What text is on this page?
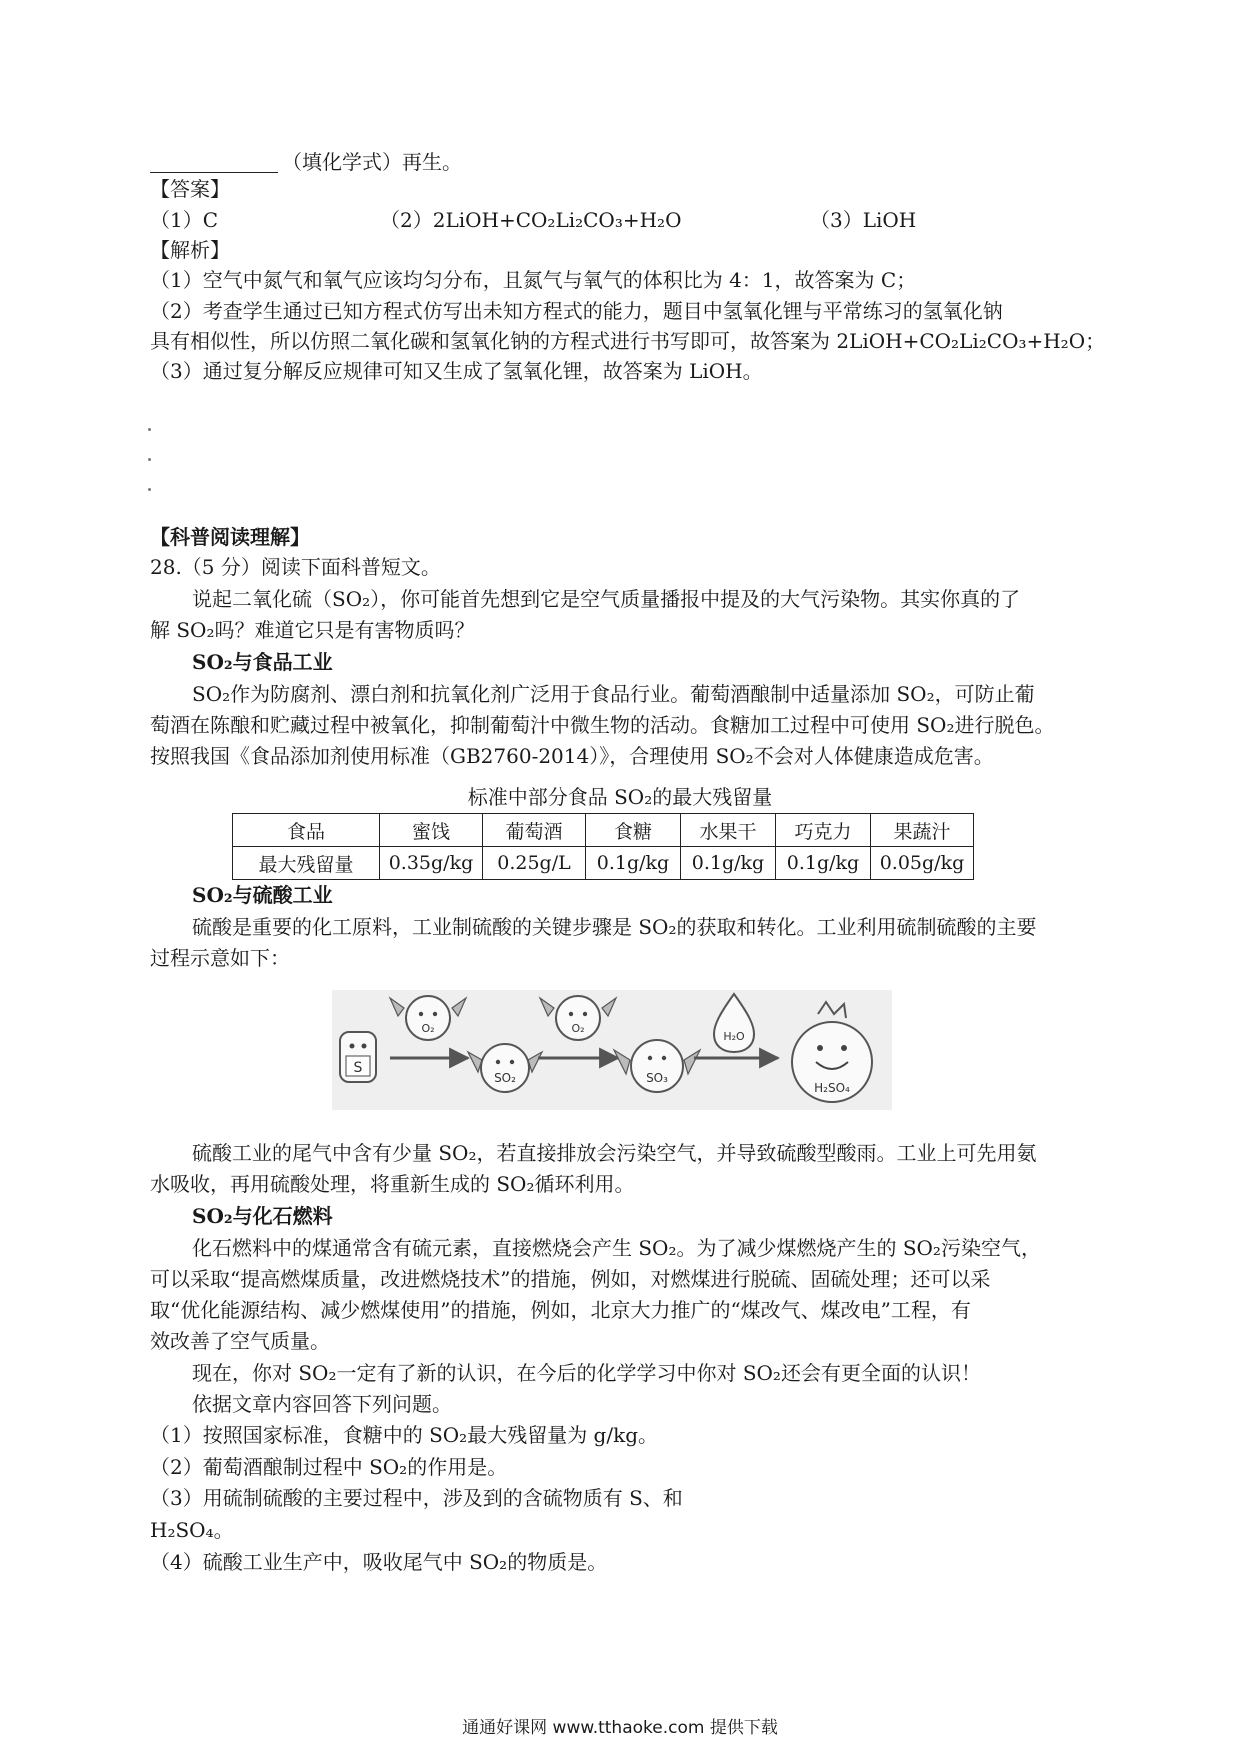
（填化学式）再生。
【答案】
（1）C	（2）2LiOH+CO₂Li₂CO₃+H₂O	（3）LiOH
【解析】
（1）空气中氮气和氧气应该均匀分布，且氮气与氧气的体积比为 4：1，故答案为 C；
（2）考查学生通过已知方程式仿写出未知方程式的能力，题目中氢氧化锂与平常练习的氢氧化钠
具有相似性，所以仿照二氧化碳和氢氧化钠的方程式进行书写即可，故答案为 2LiOH+CO₂Li₂CO₃+H₂O；
（3）通过复分解反应规律可知又生成了氢氧化锂，故答案为 LiOH。
【科普阅读理解】
28.（5 分）阅读下面科普短文。
说起二氧化硫（SO₂），你可能首先想到它是空气质量播报中提及的大气污染物。其实你真的了
解 SO₂吗？难道它只是有害物质吗？
SO₂与食品工业
SO₂作为防腐剂、漂白剂和抗氧化剂广泛用于食品行业。葡萄酒酿制中适量添加 SO₂，可防止葡
萄酒在陈酿和贮藏过程中被氧化，抑制葡萄汁中微生物的活动。食糖加工过程中可使用 SO₂进行脱色。
按照我国《食品添加剂使用标准（GB2760-2014）》，合理使用 SO₂不会对人体健康造成危害。
标准中部分食品 SO₂的最大残留量
食品	蜜饯	葡萄酒	食糖	水果干	巧克力	果蔬汁
最大残留量	0.35g/kg	0.25g/L	0.1g/kg	0.1g/kg	0.1g/kg	0.05g/kg
SO₂与硫酸工业
硫酸是重要的化工原料，工业制硫酸的关键步骤是 SO₂的获取和转化。工业利用硫制硫酸的主要
过程示意如下：
S
O₂
SO₂
O₂
SO₃
H₂O
H₂SO₄
硫酸工业的尾气中含有少量 SO₂，若直接排放会污染空气，并导致硫酸型酸雨。工业上可先用氨
水吸收，再用硫酸处理，将重新生成的 SO₂循环利用。
SO₂与化石燃料
化石燃料中的煤通常含有硫元素，直接燃烧会产生 SO₂。为了减少煤燃烧产生的 SO₂污染空气，
可以采取“提高燃煤质量，改进燃烧技术”的措施，例如，对燃煤进行脱硫、固硫处理；还可以采
取“优化能源结构、减少燃煤使用”的措施，例如，北京大力推广的“煤改气、煤改电”工程，有
效改善了空气质量。
现在，你对 SO₂一定有了新的认识，在今后的化学学习中你对 SO₂还会有更全面的认识！
依据文章内容回答下列问题。
（1）按照国家标准，食糖中的 SO₂最大残留量为 g/kg。
（2）葡萄酒酿制过程中 SO₂的作用是。
（3）用硫制硫酸的主要过程中，涉及到的含硫物质有 S、和
H₂SO₄。
（4）硫酸工业生产中，吸收尾气中 SO₂的物质是。
通通好课网 www.tthaoke.com 提供下载
